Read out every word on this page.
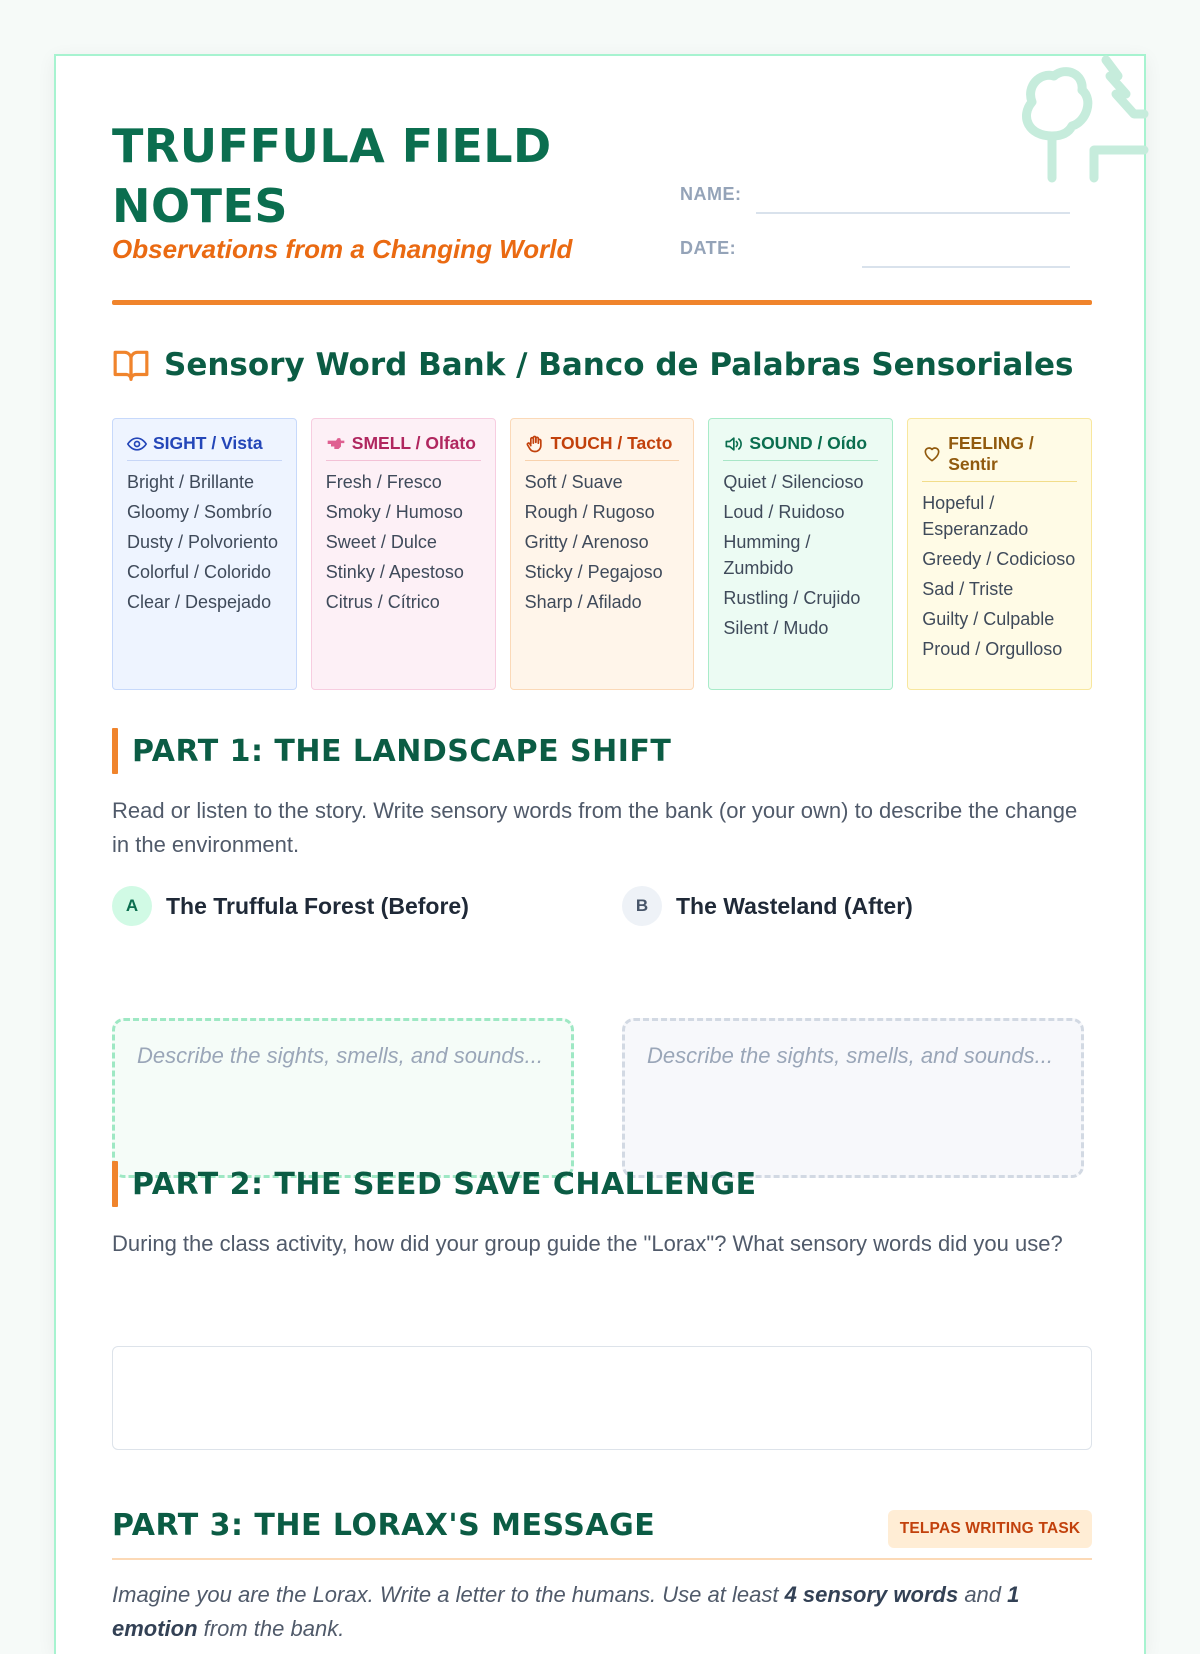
TRUFFULA FIELD NOTES
Observations from a Changing World
NAME:
DATE:
Sensory Word Bank / Banco de Palabras Sensoriales
SIGHT / Vista
Bright / Brillante
Gloomy / Sombrío
Dusty / Polvoriento
Colorful / Colorido
Clear / Despejado
SMELL / Olfato
Fresh / Fresco
Smoky / Humoso
Sweet / Dulce
Stinky / Apestoso
Citrus / Cítrico
TOUCH / Tacto
Soft / Suave
Rough / Rugoso
Gritty / Arenoso
Sticky / Pegajoso
Sharp / Afilado
SOUND / Oído
Quiet / Silencioso
Loud / Ruidoso
Humming / Zumbido
Rustling / Crujido
Silent / Mudo
FEELING / Sentir
Hopeful / Esperanzado
Greedy / Codicioso
Sad / Triste
Guilty / Culpable
Proud / Orgulloso
PART 1: THE LANDSCAPE SHIFT
Read or listen to the story. Write sensory words from the bank (or your own) to describe the change in the environment.
A	The Truffula Forest (Before)	B	The Wasteland (After)
Describe the sights, smells, and sounds...	Describe the sights, smells, and sounds...
PART 2: THE SEED SAVE CHALLENGE
During the class activity, how did your group guide the "Lorax"? What sensory words did you use?
PART 3: THE LORAX'S MESSAGE	TELPAS WRITING TASK
Imagine you are the Lorax. Write a letter to the humans. Use at least 4 sensory words and 1 emotion from the bank.
